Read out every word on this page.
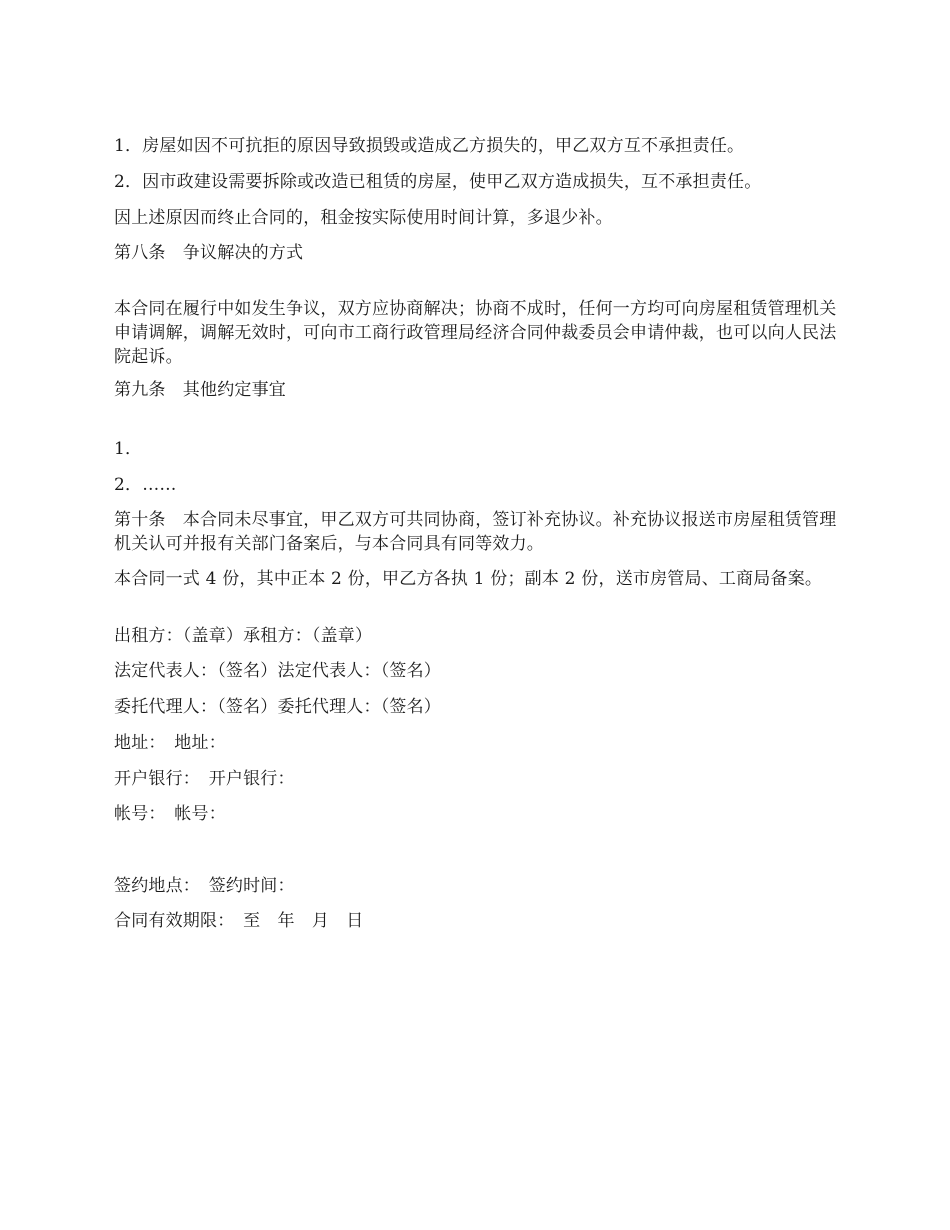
1．房屋如因不可抗拒的原因导致损毁或造成乙方损失的，甲乙双方互不承担责任。
2．因市政建设需要拆除或改造已租赁的房屋，使甲乙双方造成损失，互不承担责任。
因上述原因而终止合同的，租金按实际使用时间计算，多退少补。
第八条　争议解决的方式
本合同在履行中如发生争议，双方应协商解决；协商不成时，任何一方均可向房屋租赁管理机关申请调解，调解无效时，可向市工商行政管理局经济合同仲裁委员会申请仲裁，也可以向人民法院起诉。
第九条　其他约定事宜
1．
2．……
第十条　本合同未尽事宜，甲乙双方可共同协商，签订补充协议。补充协议报送市房屋租赁管理机关认可并报有关部门备案后，与本合同具有同等效力。
本合同一式 4 份，其中正本 2 份，甲乙方各执 1 份；副本 2 份，送市房管局、工商局备案。
出租方：（盖章）承租方：（盖章）
法定代表人：（签名）法定代表人：（签名）
委托代理人：（签名）委托代理人：（签名）
地址：　地址：
开户银行：　开户银行：
帐号：　帐号：
签约地点：　签约时间：
合同有效期限：　至　年　月　日
